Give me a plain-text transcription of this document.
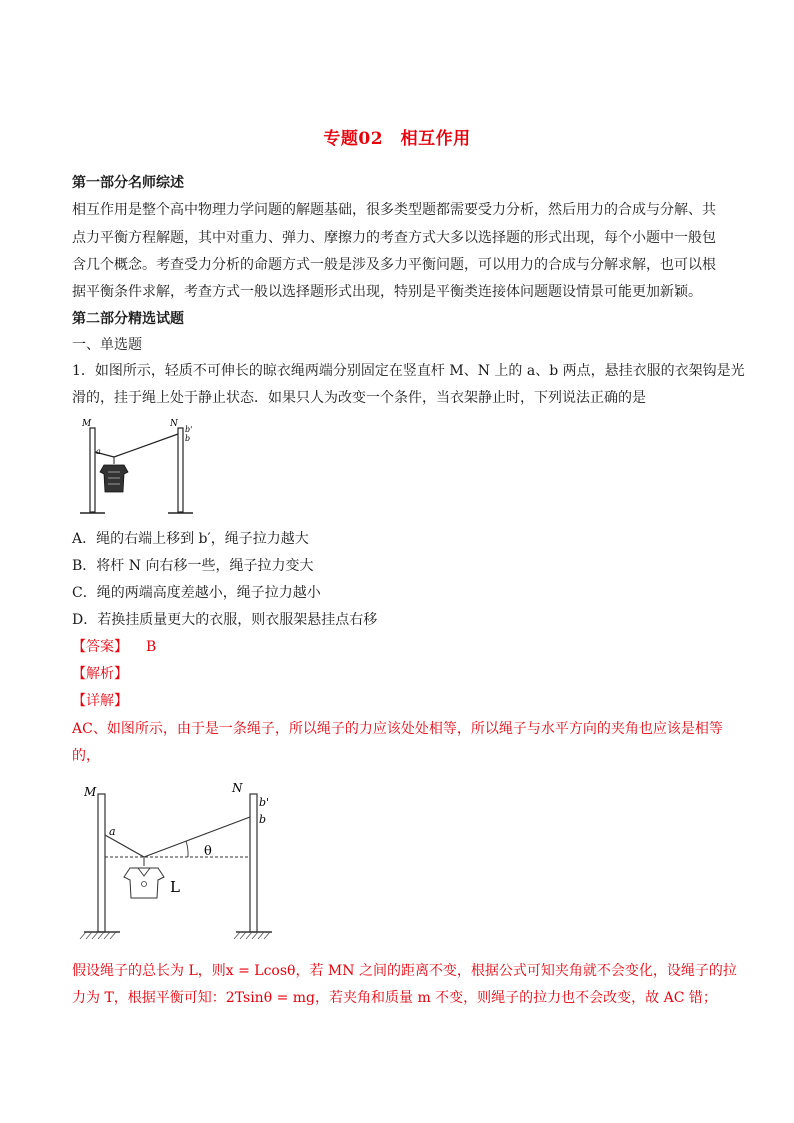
专题02　相互作用
第一部分名师综述
相互作用是整个高中物理力学问题的解题基础，很多类型题都需要受力分析，然后用力的合成与分解、共
点力平衡方程解题，其中对重力、弹力、摩擦力的考查方式大多以选择题的形式出现，每个小题中一般包
含几个概念。考查受力分析的命题方式一般是涉及多力平衡问题，可以用力的合成与分解求解，也可以根
据平衡条件求解，考查方式一般以选择题形式出现，特别是平衡类连接体问题题设情景可能更加新颖。
第二部分精选试题
一、单选题
1．如图所示，轻质不可伸长的晾衣绳两端分别固定在竖直杆 M、N 上的 a、b 两点，悬挂衣服的衣架钩是光
滑的，挂于绳上处于静止状态．如果只人为改变一个条件，当衣架静止时，下列说法正确的是
M	N
a
b'
b
A．绳的右端上移到 b′，绳子拉力越大
B．将杆 N 向右移一些，绳子拉力变大
C．绳的两端高度差越小，绳子拉力越小
D．若换挂质量更大的衣服，则衣服架悬挂点右移
【答案】 B
【解析】
【详解】
AC、如图所示，由于是一条绳子，所以绳子的力应该处处相等，所以绳子与水平方向的夹角也应该是相等
的，
M	N
a
b'
b
θ
L
假设绳子的总长为 L，则x = Lcosθ，若 MN 之间的距离不变，根据公式可知夹角就不会变化，设绳子的拉
力为 T，根据平衡可知：2Tsinθ = mg，若夹角和质量 m 不变，则绳子的拉力也不会改变，故 AC 错；
